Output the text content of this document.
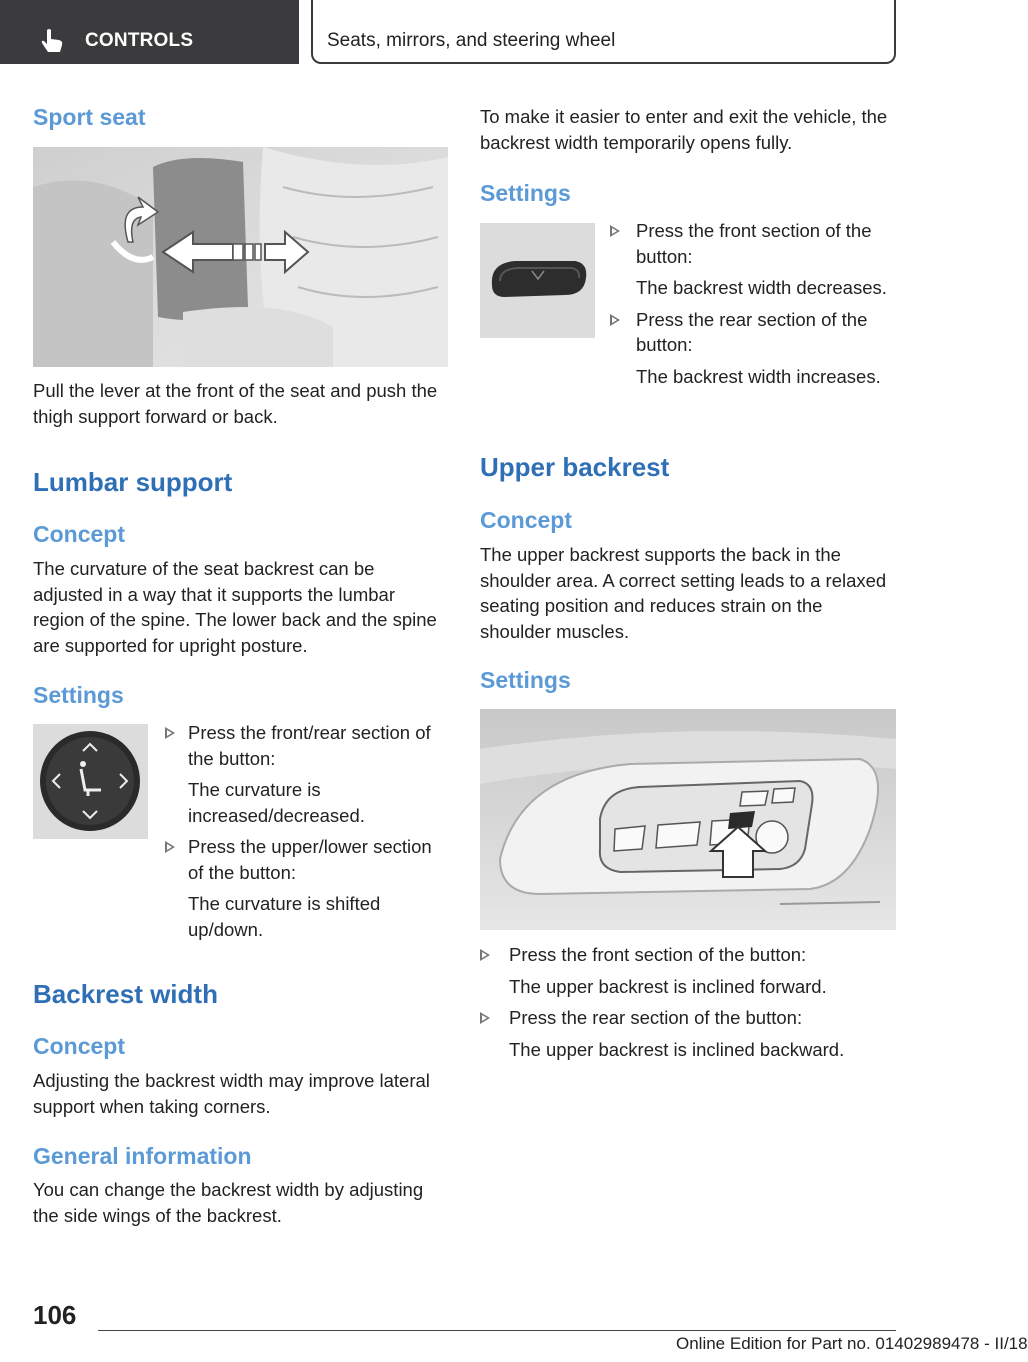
CONTROLS	Seats, mirrors, and steering wheel
Sport seat
Pull the lever at the front of the seat and push the thigh support forward or back.
Lumbar support
Concept
The curvature of the seat backrest can be adjusted in a way that it supports the lumbar region of the spine. The lower back and the spine are supported for upright posture.
Settings
Press the front/rear section of the button:
The curvature is increased/decreased.
Press the upper/lower section of the button:
The curvature is shifted up/down.
Backrest width
Concept
Adjusting the backrest width may improve lateral support when taking corners.
General information
You can change the backrest width by adjusting the side wings of the backrest.
To make it easier to enter and exit the vehicle, the backrest width temporarily opens fully.
Settings
Press the front section of the button:
The backrest width decreases.
Press the rear section of the button:
The backrest width increases.
Upper backrest
Concept
The upper backrest supports the back in the shoulder area. A correct setting leads to a relaxed seating position and reduces strain on the shoulder muscles.
Settings
Press the front section of the button:
The upper backrest is inclined forward.
Press the rear section of the button:
The upper backrest is inclined backward.
106
Online Edition for Part no. 01402989478 - II/18
